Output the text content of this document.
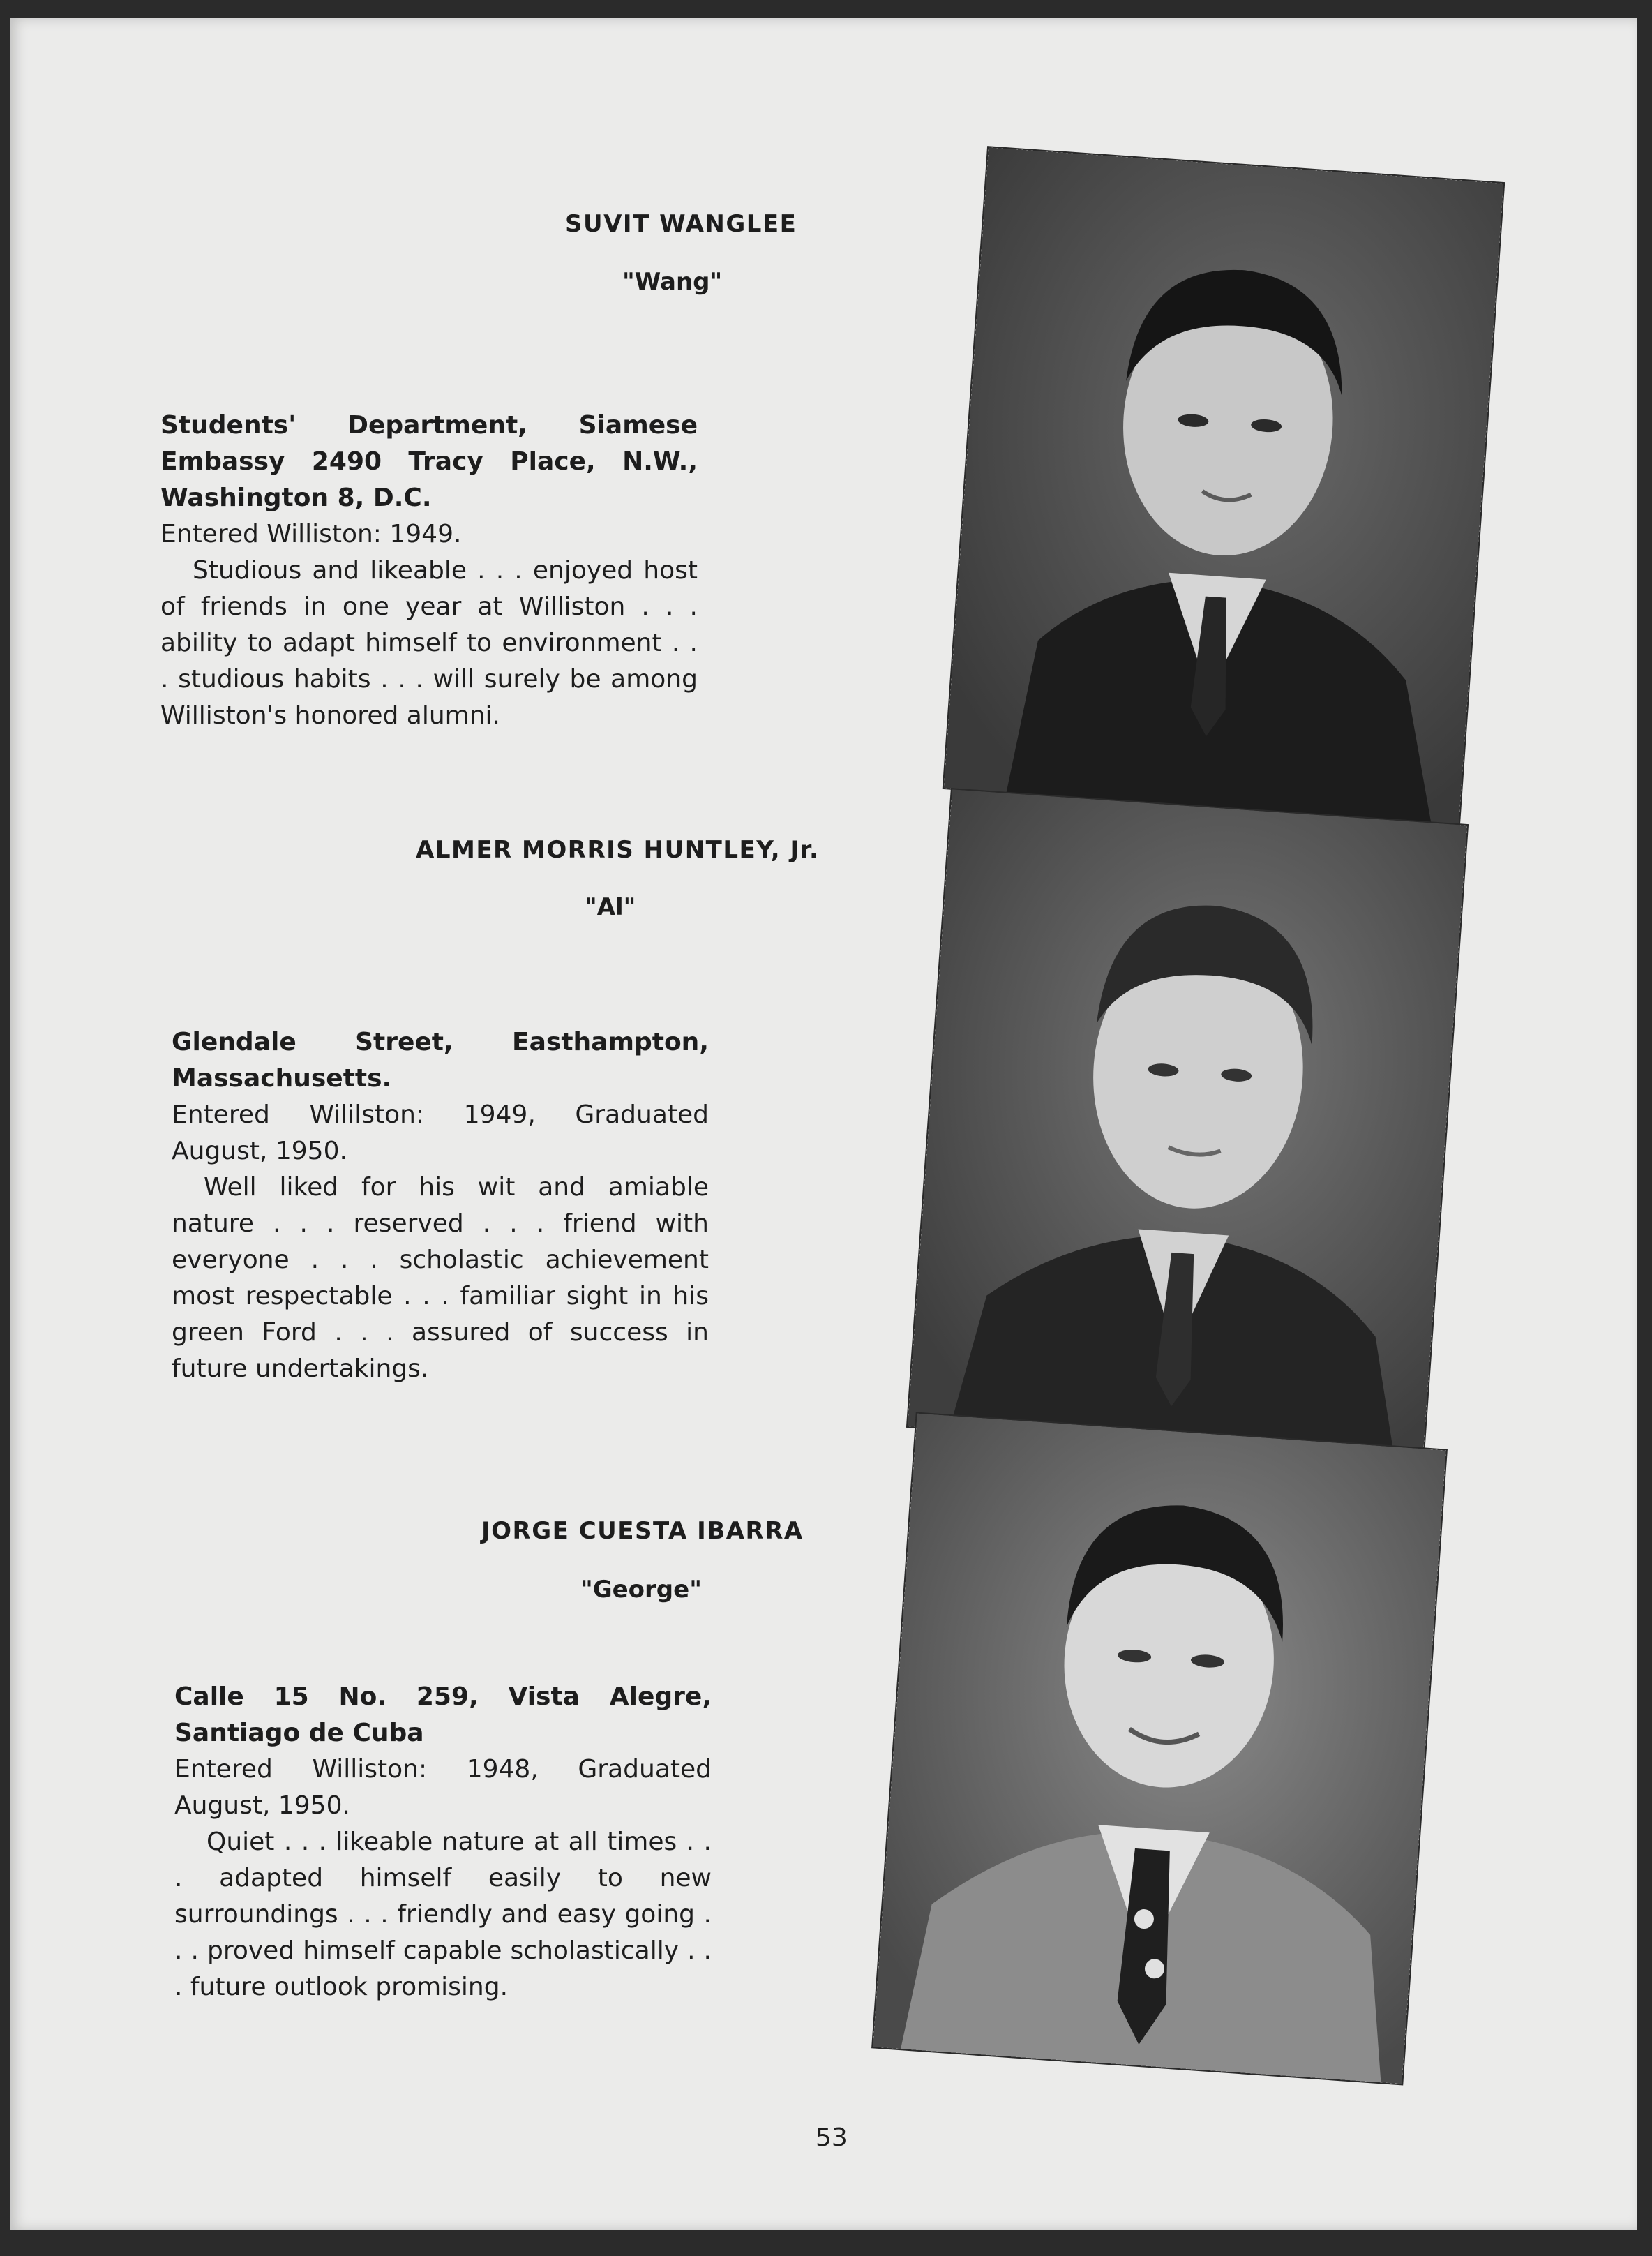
SUVIT WANGLEE
"Wang"

Students' Department, Siamese Embassy 2490 Tracy Place, N.W., Washington 8, D.C.

Entered Williston: 1949.

Studious and likeable . . . enjoyed host of friends in one year at Williston . . . ability to adapt himself to environment . . . studious habits . . . will surely be among Williston's honored alumni.

ALMER MORRIS HUNTLEY, Jr.
"Al"

Glendale Street, Easthampton, Massachusetts.

Entered Wililston: 1949, Graduated August, 1950.

Well liked for his wit and amiable nature . . . reserved . . . friend with everyone . . . scholastic achievement most respectable . . . familiar sight in his green Ford . . . assured of success in future undertakings.

JORGE CUESTA IBARRA
"George"

Calle 15 No. 259, Vista Alegre, Santiago de Cuba

Entered Williston: 1948, Graduated August, 1950.

Quiet . . . likeable nature at all times . . . adapted himself easily to new surroundings . . . friendly and easy going . . . proved himself capable scholastically . . . future outlook promising.

53
